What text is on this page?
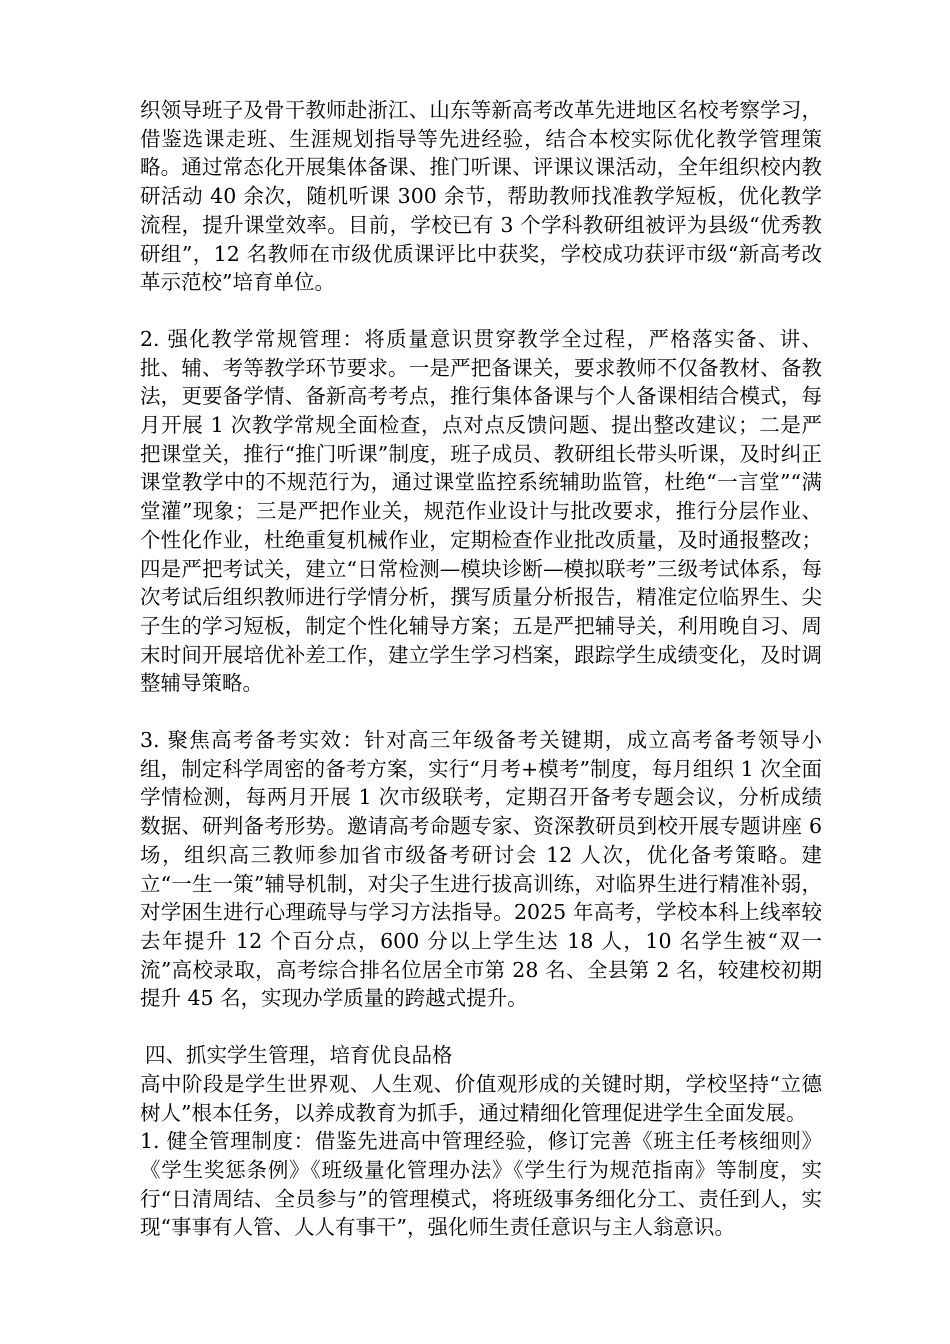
织领导班子及骨干教师赴浙江、山东等新高考改革先进地区名校考察学习，借鉴选课走班、生涯规划指导等先进经验，结合本校实际优化教学管理策略。通过常态化开展集体备课、推门听课、评课议课活动，全年组织校内教研活动 40 余次，随机听课 300 余节，帮助教师找准教学短板，优化教学流程，提升课堂效率。目前，学校已有 3 个学科教研组被评为县级“优秀教研组”，12 名教师在市级优质课评比中获奖，学校成功获评市级“新高考改革示范校”培育单位。

2. 强化教学常规管理：将质量意识贯穿教学全过程，严格落实备、讲、批、辅、考等教学环节要求。一是严把备课关，要求教师不仅备教材、备教法，更要备学情、备新高考考点，推行集体备课与个人备课相结合模式，每月开展 1 次教学常规全面检查，点对点反馈问题、提出整改建议；二是严把课堂关，推行“推门听课”制度，班子成员、教研组长带头听课，及时纠正课堂教学中的不规范行为，通过课堂监控系统辅助监管，杜绝“一言堂”“满堂灌”现象；三是严把作业关，规范作业设计与批改要求，推行分层作业、个性化作业，杜绝重复机械作业，定期检查作业批改质量，及时通报整改；四是严把考试关，建立“日常检测—模块诊断—模拟联考”三级考试体系，每次考试后组织教师进行学情分析，撰写质量分析报告，精准定位临界生、尖子生的学习短板，制定个性化辅导方案；五是严把辅导关，利用晚自习、周末时间开展培优补差工作，建立学生学习档案，跟踪学生成绩变化，及时调整辅导策略。

3. 聚焦高考备考实效：针对高三年级备考关键期，成立高考备考领导小组，制定科学周密的备考方案，实行“月考+模考”制度，每月组织 1 次全面学情检测，每两月开展 1 次市级联考，定期召开备考专题会议，分析成绩数据、研判备考形势。邀请高考命题专家、资深教研员到校开展专题讲座 6 场，组织高三教师参加省市级备考研讨会 12 人次，优化备考策略。建立“一生一策”辅导机制，对尖子生进行拔高训练，对临界生进行精准补弱，对学困生进行心理疏导与学习方法指导。2025 年高考，学校本科上线率较去年提升 12 个百分点，600 分以上学生达 18 人，10 名学生被“双一流”高校录取，高考综合排名位居全市第 28 名、全县第 2 名，较建校初期提升 45 名，实现办学质量的跨越式提升。

四、抓实学生管理，培育优良品格

高中阶段是学生世界观、人生观、价值观形成的关键时期，学校坚持“立德树人”根本任务，以养成教育为抓手，通过精细化管理促进学生全面发展。

1. 健全管理制度：借鉴先进高中管理经验，修订完善《班主任考核细则》《学生奖惩条例》《班级量化管理办法》《学生行为规范指南》等制度，实行“日清周结、全员参与”的管理模式，将班级事务细化分工、责任到人，实现“事事有人管、人人有事干”，强化师生责任意识与主人翁意识。
